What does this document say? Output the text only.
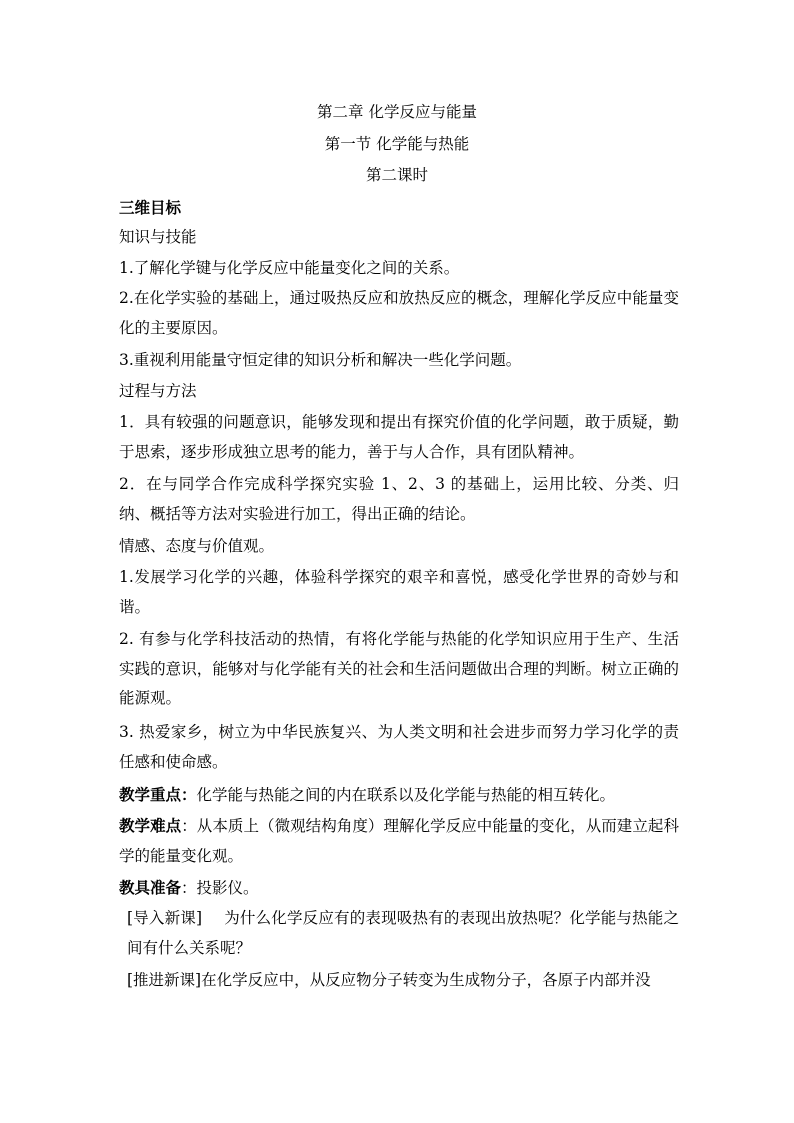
第二章 化学反应与能量
第一节 化学能与热能
第二课时

三维目标

知识与技能

1.了解化学键与化学反应中能量变化之间的关系。

2.在化学实验的基础上，通过吸热反应和放热反应的概念，理解化学反应中能量变化的主要原因。

3.重视利用能量守恒定律的知识分析和解决一些化学问题。

过程与方法

1．具有较强的问题意识，能够发现和提出有探究价值的化学问题，敢于质疑，勤于思索，逐步形成独立思考的能力，善于与人合作，具有团队精神。

2．在与同学合作完成科学探究实验 1、2、3 的基础上，运用比较、分类、归纳、概括等方法对实验进行加工，得出正确的结论。

情感、态度与价值观。

1.发展学习化学的兴趣，体验科学探究的艰辛和喜悦，感受化学世界的奇妙与和谐。

2. 有参与化学科技活动的热情，有将化学能与热能的化学知识应用于生产、生活实践的意识，能够对与化学能有关的社会和生活问题做出合理的判断。树立正确的能源观。

3. 热爱家乡，树立为中华民族复兴、为人类文明和社会进步而努力学习化学的责任感和使命感。

教学重点：化学能与热能之间的内在联系以及化学能与热能的相互转化。

教学难点：从本质上（微观结构角度）理解化学反应中能量的变化，从而建立起科学的能量变化观。

教具准备：投影仪。

[导入新课] 为什么化学反应有的表现吸热有的表现出放热呢？化学能与热能之间有什么关系呢？

[推进新课]在化学反应中，从反应物分子转变为生成物分子，各原子内部并没
